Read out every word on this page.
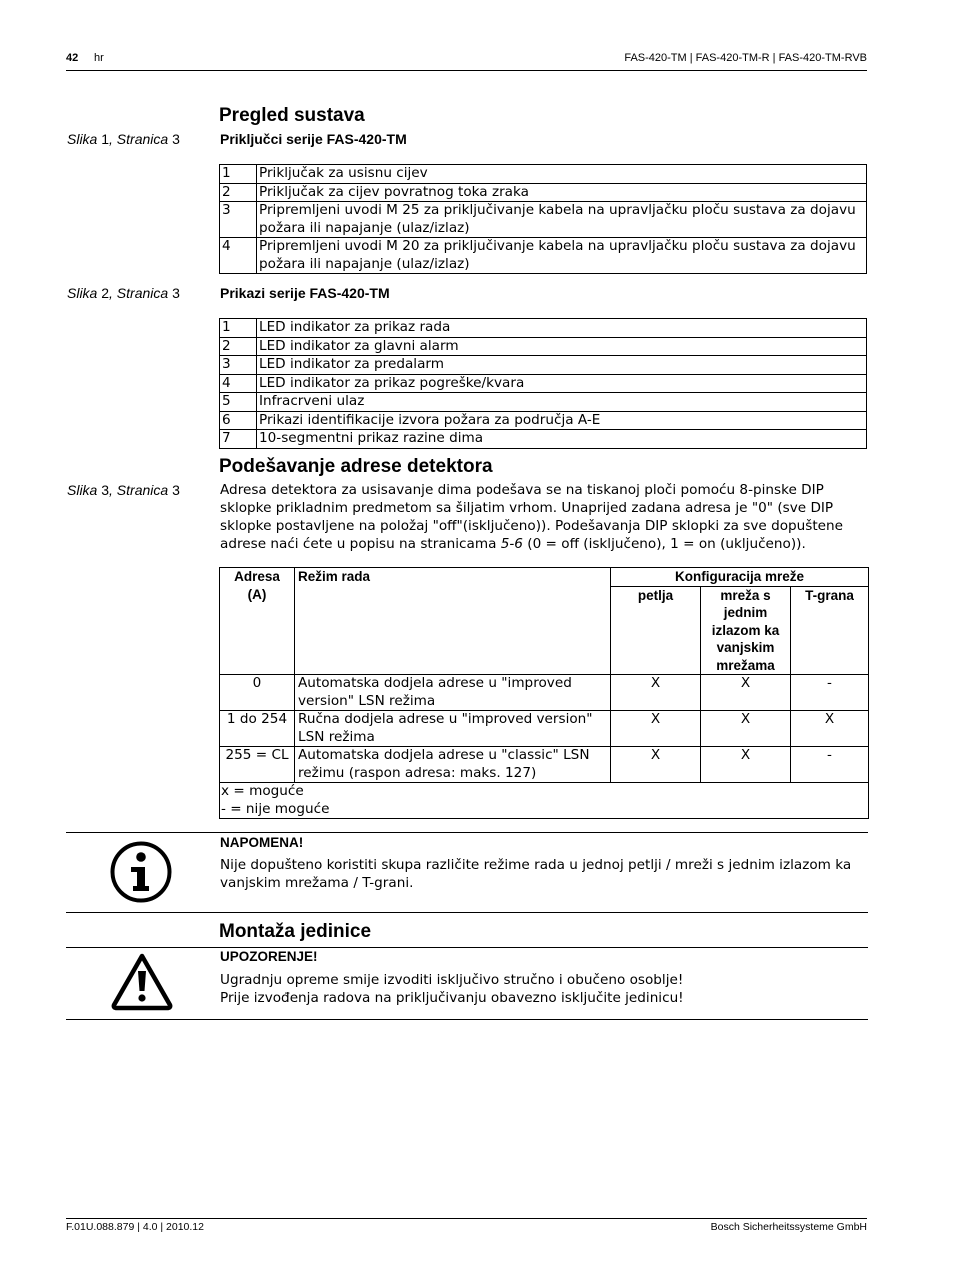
42 hr	FAS-420-TM | FAS-420-TM-R | FAS-420-TM-RVB
Pregled sustava
Slika 1, Stranica 3	Priključci serije FAS-420-TM
1	Priključak za usisnu cijev
2	Priključak za cijev povratnog toka zraka
3	Pripremljeni uvodi M 25 za priključivanje kabela na upravljačku ploču sustava za dojavu požara ili napajanje (ulaz/izlaz)
4	Pripremljeni uvodi M 20 za priključivanje kabela na upravljačku ploču sustava za dojavu požara ili napajanje (ulaz/izlaz)
Slika 2, Stranica 3	Prikazi serije FAS-420-TM
1	LED indikator za prikaz rada
2	LED indikator za glavni alarm
3	LED indikator za predalarm
4	LED indikator za prikaz pogreške/kvara
5	Infracrveni ulaz
6	Prikazi identifikacije izvora požara za područja A-E
7	10-segmentni prikaz razine dima
Podešavanje adrese detektora
Slika 3, Stranica 3	Adresa detektora za usisavanje dima podešava se na tiskanoj ploči pomoću 8-pinske DIP sklopke prikladnim predmetom sa šiljatim vrhom. Unaprijed zadana adresa je "0" (sve DIP sklopke postavljene na položaj "off"(isključeno)). Podešavanja DIP sklopki za sve dopuštene adrese naći ćete u popisu na stranicama 5-6 (0 = off (isključeno), 1 = on (uključeno)).
Adresa (A)	Režim rada	Konfiguracija mreže		
		petlja	mreža s jednim izlazom ka vanjskim mrežama	T-grana
0	Automatska dodjela adrese u "improved version" LSN režima	X	X	-
1 do 254	Ručna dodjela adrese u "improved version" LSN režima	X	X	X
255 = CL	Automatska dodjela adrese u "classic" LSN režimu (raspon adresa: maks. 127)	X	X	-

x = moguće
- = nije moguće				
NAPOMENA!
Nije dopušteno koristiti skupa različite režime rada u jednoj petlji / mreži s jednim izlazom ka vanjskim mrežama / T-grani.
Montaža jedinice
UPOZORENJE!
Ugradnju opreme smije izvoditi isključivo stručno i obučeno osoblje!
Prije izvođenja radova na priključivanju obavezno isključite jedinicu!
F.01U.088.879 | 4.0 | 2010.12	Bosch Sicherheitssysteme GmbH
